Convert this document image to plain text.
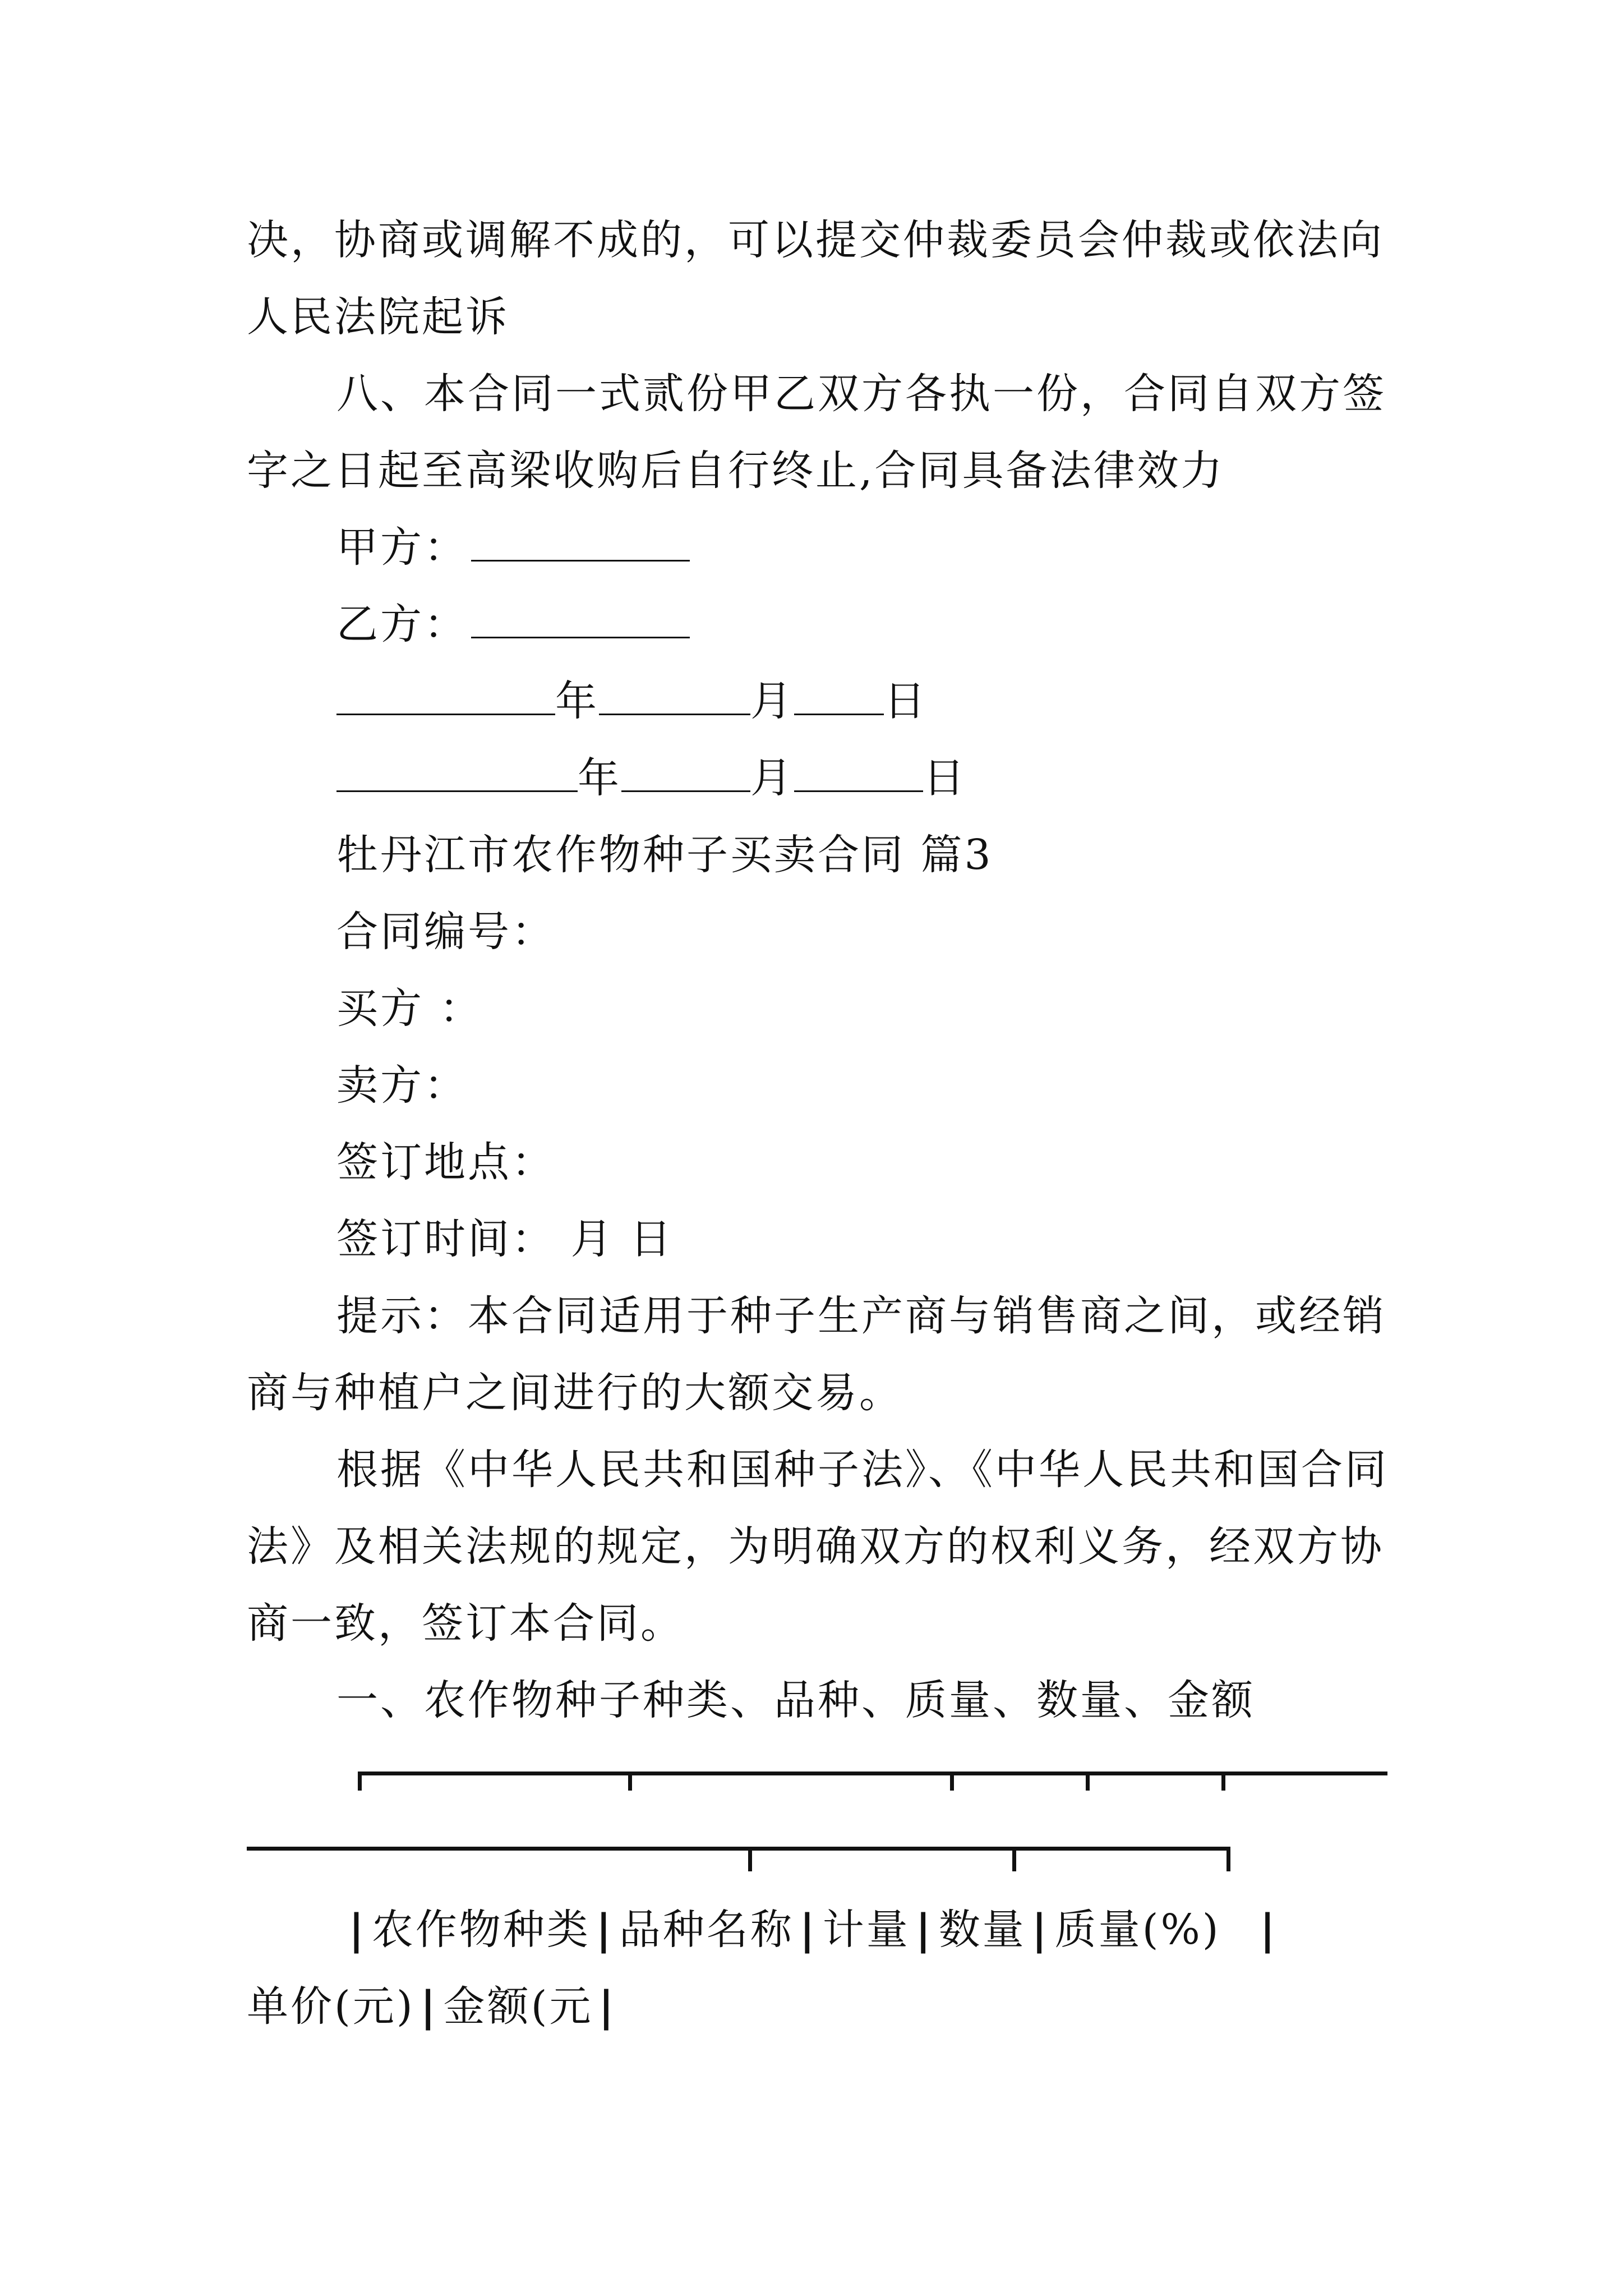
决，协商或调解不成的，可以提交仲裁委员会仲裁或依法向
人民法院起诉
八、本合同一式贰份甲乙双方各执一份，合同自双方签
字之日起至高梁收购后自行终止,合同具备法律效力
甲方：
乙方：
年	月 日
年	月	日
牡丹江市农作物种子买卖合同 篇3
合同编号：
买方 ：
卖方：
签订地点：
签订时间： 月 日
提示：本合同适用于种子生产商与销售商之间，或经销
商与种植户之间进行的大额交易。
根据《中华人民共和国种子法》、《中华人民共和国合同
法》及相关法规的规定，为明确双方的权利义务，经双方协
商一致，签订本合同。
一、农作物种子种类、品种、质量、数量、金额
| 农作物种类 | 品种名称 | 计量 | 数量 | 质量(%) |
单价(元) | 金额(元 |
